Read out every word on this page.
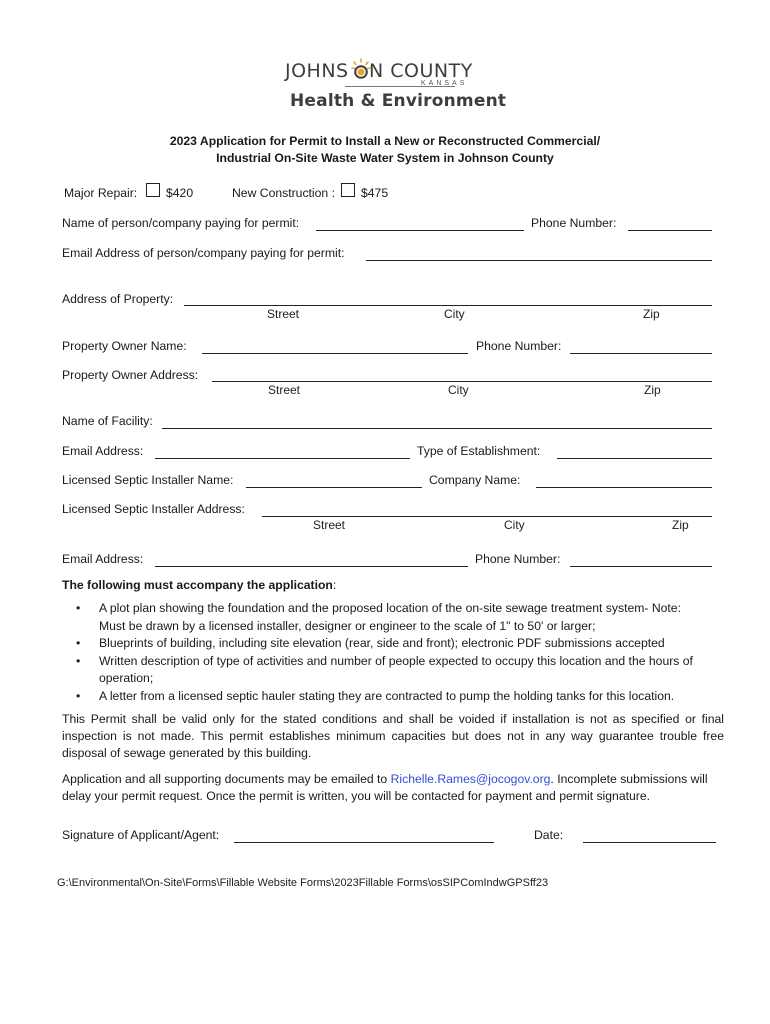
JOHNS N COUNTY
KANSAS
Health & Environment
2023 Application for Permit to Install a New or Reconstructed Commercial/
Industrial On-Site Waste Water System in Johnson County
Major Repair: $420	New Construction : $475
Name of person/company paying for permit:	Phone Number:
Email Address of person/company paying for permit:
Address of Property:
Street	City	Zip
Property Owner Name:	Phone Number:
Property Owner Address:
Street	City	Zip
Name of Facility:
Email Address:	Type of Establishment:
Licensed Septic Installer Name:	Company Name:
Licensed Septic Installer Address:
Street	City	Zip
Email Address:	Phone Number:
The following must accompany the application:
• A plot plan showing the foundation and the proposed location of the on-site sewage treatment system- Note:
Must be drawn by a licensed installer, designer or engineer to the scale of 1" to 50' or larger;
• Blueprints of building, including site elevation (rear, side and front); electronic PDF submissions accepted
• Written description of type of activities and number of people expected to occupy this location and the hours of
operation;
• A letter from a licensed septic hauler stating they are contracted to pump the holding tanks for this location.
This Permit shall be valid only for the stated conditions and shall be voided if installation is not as specified or final inspection is not made. This permit establishes minimum capacities but does not in any way guarantee trouble free disposal of sewage generated by this building.
Application and all supporting documents may be emailed to Richelle.Rames@jocogov.org. Incomplete submissions will delay your permit request. Once the permit is written, you will be contacted for payment and permit signature.
Signature of Applicant/Agent:	Date:
G:\Environmental\On-Site\Forms\Fillable Website Forms\2023Fillable Forms\osSIPComIndwGPSff23
